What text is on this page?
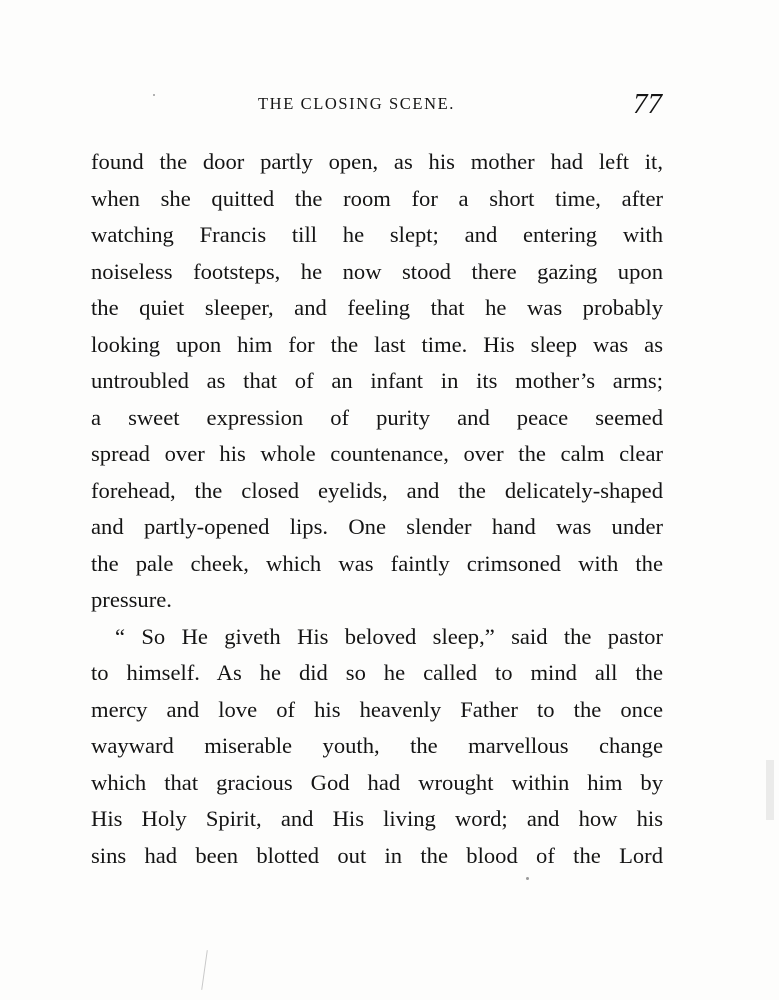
THE CLOSING SCENE.	77
found the door partly open, as his mother had left it,
when she quitted the room for a short time, after
watching Francis till he slept; and entering with
noiseless footsteps, he now stood there gazing upon
the quiet sleeper, and feeling that he was probably
looking upon him for the last time. His sleep was as
untroubled as that of an infant in its mother’s arms;
a sweet expression of purity and peace seemed
spread over his whole countenance, over the calm clear
forehead, the closed eyelids, and the delicately-shaped
and partly-opened lips. One slender hand was under
the pale cheek, which was faintly crimsoned with the
pressure.
“ So He giveth His beloved sleep,” said the pastor
to himself. As he did so he called to mind all the
mercy and love of his heavenly Father to the once
wayward miserable youth, the marvellous change
which that gracious God had wrought within him by
His Holy Spirit, and His living word; and how his
sins had been blotted out in the blood of the Lord
